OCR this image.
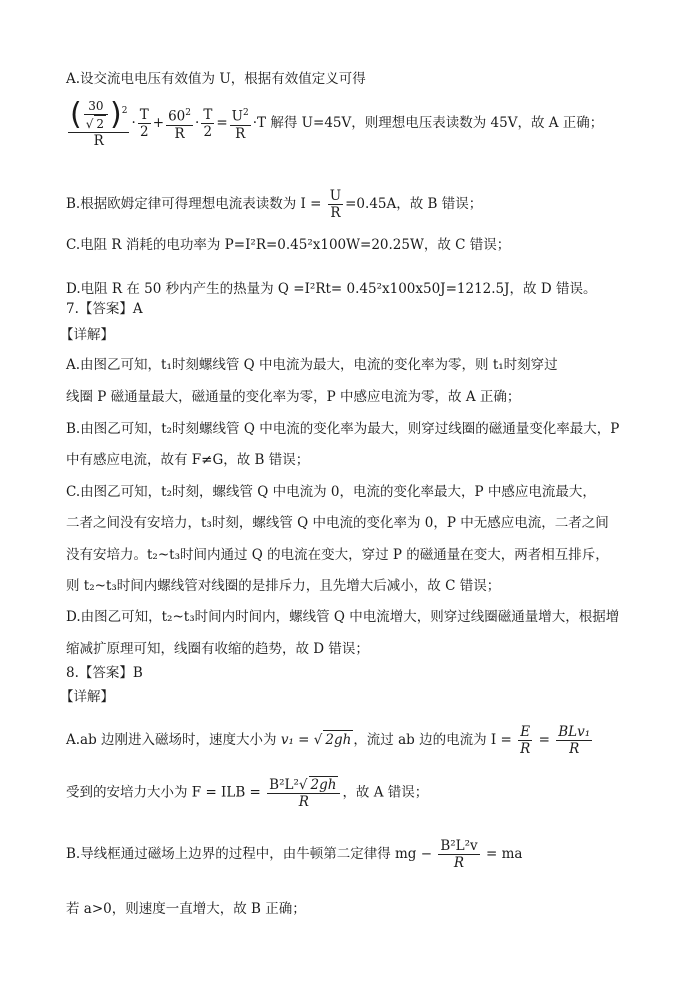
A.设交流电电压有效值为 U，根据有效值定义可得
$\frac{( \frac{30}{√ 2} )^2}{R} \cdot \frac{T}{2} + \frac{60^2}{R} \cdot \frac{T}{2} = \frac{U^2}{R} \cdot T$ 解得 U=45V，则理想电压表读数为 45V，故 A 正确；
B.根据欧姆定律可得理想电流表读数为 $I = \frac{U}{R} =0.45A$，故 B 错误；
C.电阻 R 消耗的电功率为 P=I²R=0.45²x100W=20.25W，故 C 错误；
D.电阻 R 在 50 秒内产生的热量为 Q =I²Rt= 0.45²x100x50J=1212.5J，故 D 错误。
7.【答案】A
【详解】
A.由图乙可知，t₁时刻螺线管 Q 中电流为最大，电流的变化率为零，则 t₁时刻穿过
线圈 P 磁通量最大，磁通量的变化率为零，P 中感应电流为零，故 A 正确；
B.由图乙可知，t₂时刻螺线管 Q 中电流的变化率为最大，则穿过线圈的磁通量变化率最大，P
中有感应电流，故有 F≠G，故 B 错误；
C.由图乙可知，t₂时刻，螺线管 Q 中电流为 0，电流的变化率最大，P 中感应电流最大，
二者之间没有安培力，t₃时刻，螺线管 Q 中电流的变化率为 0，P 中无感应电流，二者之间
没有安培力。t₂~t₃时间内通过 Q 的电流在变大，穿过 P 的磁通量在变大，两者相互排斥，
则 t₂~t₃时间内螺线管对线圈的是排斥力，且先增大后减小，故 C 错误；
D.由图乙可知，t₂~t₃时间内时间内，螺线管 Q 中电流增大，则穿过线圈磁通量增大，根据增
缩减扩原理可知，线圈有收缩的趋势，故 D 错误；
8.【答案】B
【详解】
A.ab 边刚进入磁场时，速度大小为 v₁ = √ 2gh ，流过 ab 边的电流为 $I = \frac{E}{R} = \frac{\text{BLv₁}}{R}$
受到的安培力大小为 F = ILB = $\frac{\text{B²L²√ 2gh}}{R}$ ，故 A 错误；
B.导线框通过磁场上边界的过程中，由牛顿第二定律得 mg − $\frac{\text{B²L²v}}{R}$ = ma
若 a>0，则速度一直增大，故 B 正确；
